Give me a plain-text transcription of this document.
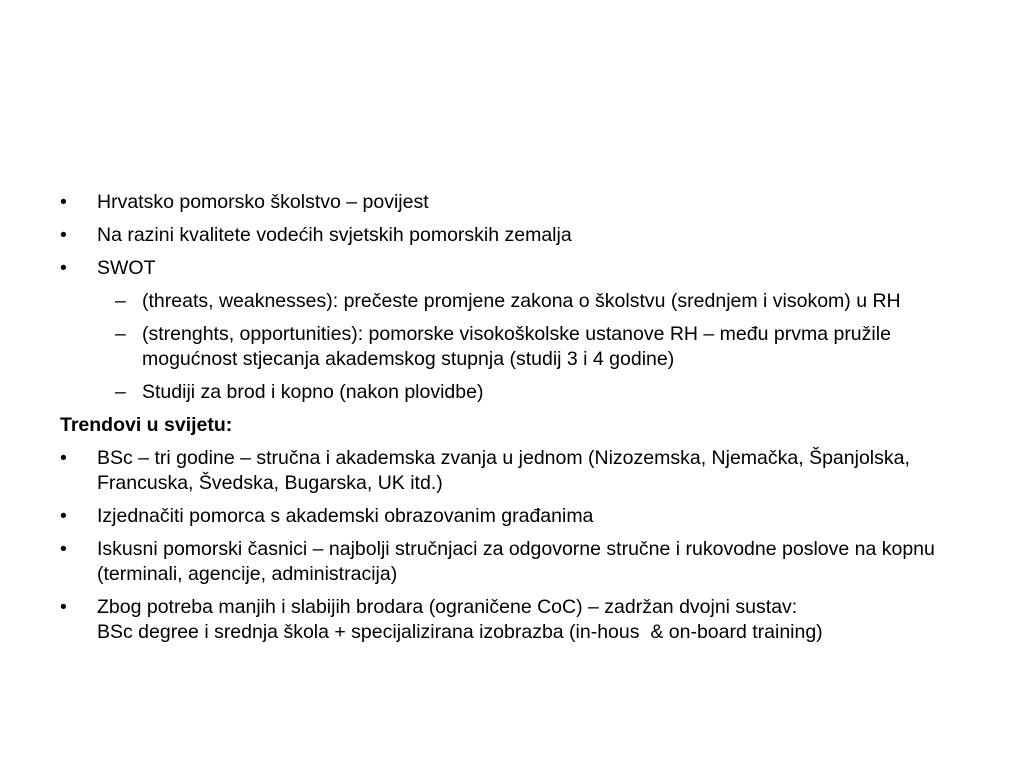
•	Hrvatsko pomorsko školstvo – povijest
•	Na razini kvalitete vodećih svjetskih pomorskih zemalja
•	SWOT
– (threats, weaknesses): prečeste promjene zakona o školstvu (srednjem i visokom) u RH
– (strenghts, opportunities): pomorske visokoškolske ustanove RH – među prvma pružile mogućnost stjecanja akademskog stupnja (studij 3 i 4 godine)
– Studiji za brod i kopno (nakon plovidbe)
Trendovi u svijetu:
•	BSc – tri godine – stručna i akademska zvanja u jednom (Nizozemska, Njemačka, Španjolska, Francuska, Švedska, Bugarska, UK itd.)
•	Izjednačiti pomorca s akademski obrazovanim građanima
•	Iskusni pomorski časnici – najbolji stručnjaci za odgovorne stručne i rukovodne poslove na kopnu (terminali, agencije, administracija)
•	Zbog potreba manjih i slabijih brodara (ograničene CoC) – zadržan dvojni sustav:
BSc degree i srednja škola + specijalizirana izobrazba (in-hous  & on-board training)
